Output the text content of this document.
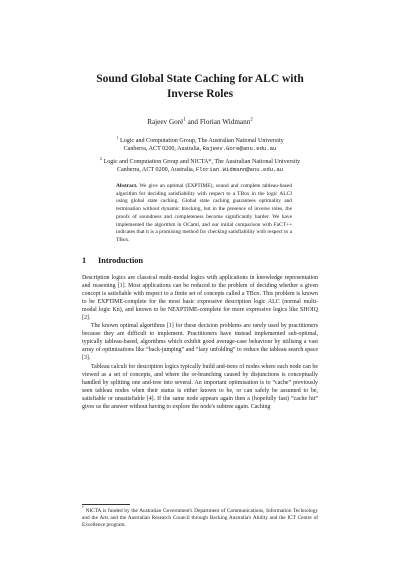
Sound Global State Caching for ALC with
Inverse Roles
Rajeev Goré$^1$ and Florian Widmann$^2$
$^1$ Logic and Computation Group, The Australian National University
Canberra, ACT 0200, Australia, Rajeev.Gore@anu.edu.au
$^2$ Logic and Computation Group and NICTA*, The Australian National University
Canberra, ACT 0200, Australia, Florian.Widmann@anu.edu.au
Abstract. We give an optimal (EXPTIME), sound and complete tableau-based algorithm for deciding satisfiability with respect to a TBox in the logic ALCI using global state caching. Global state caching guarantees optimality and termination without dynamic blocking, but in the presence of inverse roles, the proofs of soundness and completeness become significantly harder. We have implemented the algorithm in OCaml, and our initial comparison with FaCT++ indicates that it is a promising method for checking satisfiability with respect to a TBox.
1 Introduction

Description logics are classical multi-modal logics with applications in knowledge representation and reasoning [1]. Most applications can be reduced to the problem of deciding whether a given concept is satisfiable with respect to a finite set of concepts called a TBox. This problem is known to be EXPTIME-complete for the most basic expressive description logic ALC (normal multi-modal logic Kn), and known to be NEXPTIME-complete for more expressive logics like SHOIQ [2].

The known optimal algorithms [1] for these decision problems are rarely used by practitioners because they are difficult to implement. Practitioners have instead implemented sub-optimal, typically tableau-based, algorithms which exhibit good average-case behaviour by utilising a vast array of optimisations like “back-jumping” and “lazy unfolding” to reduce the tableau search space [3].

Tableau calculi for description logics typically build and-trees of nodes where each node can be viewed as a set of concepts, and where the or-branching caused by disjunctions is conceptually handled by splitting one and-tree into several. An important optimisation is to “cache” previously seen tableau nodes when their status is either known to be, or can safely be assumed to be, satisfiable or unsatisfiable [4]. If the same node appears again then a (hopefully fast) “cache hit” gives us the answer without having to explore the node's subtree again. Caching

* NICTA is funded by the Australian Government's Department of Communications, Information Technology and the Arts and the Australian Research Council through Backing Australia's Ability and the ICT Centre of Excellence program.
